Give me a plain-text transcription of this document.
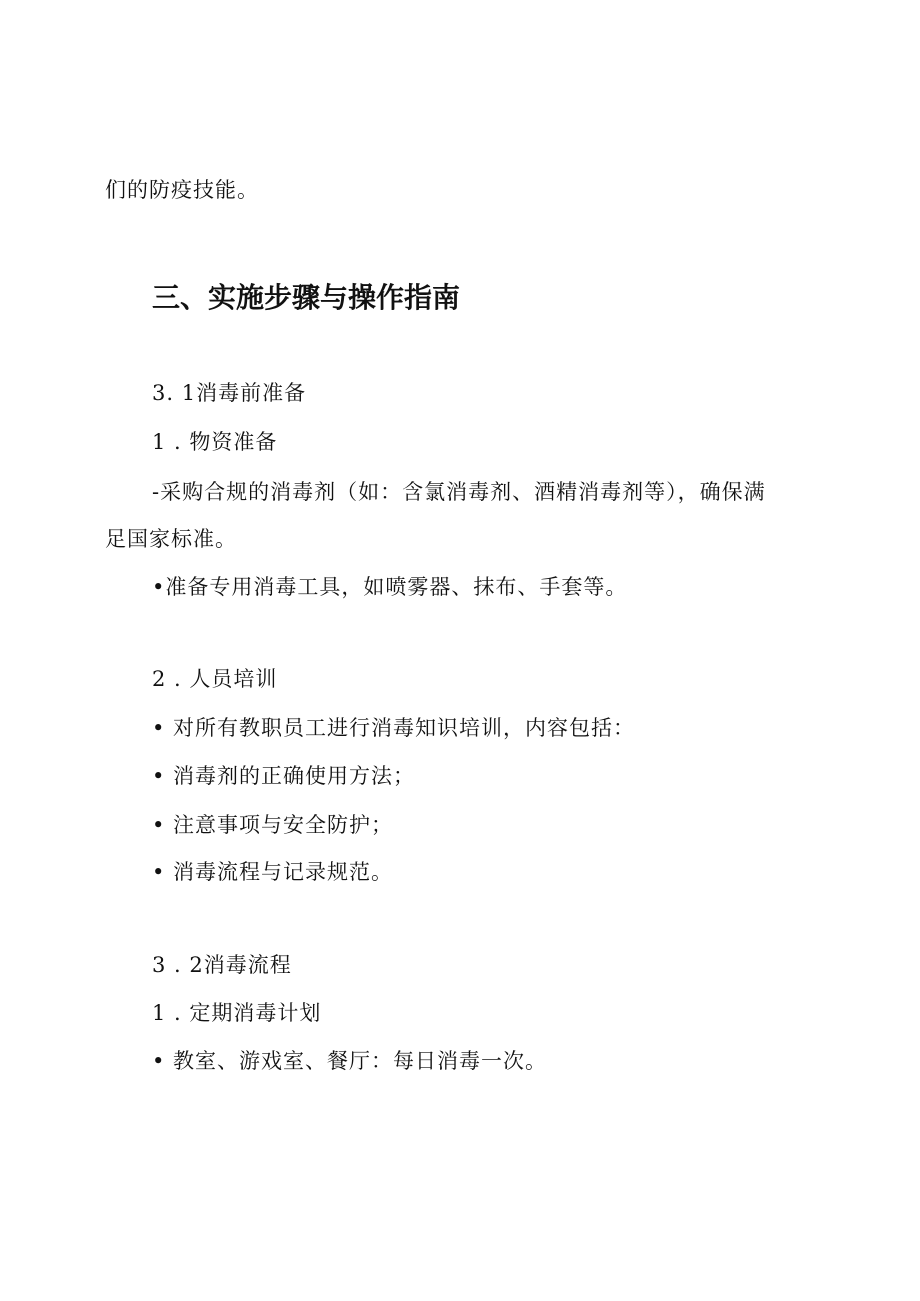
们的防疫技能。
三、实施步骤与操作指南
3. 1消毒前准备
1 . 物资准备
-采购合规的消毒剂（如：含氯消毒剂、酒精消毒剂等），确保满
足国家标准。
•准备专用消毒工具，如喷雾器、抹布、手套等。
2 . 人员培训
• 对所有教职员工进行消毒知识培训，内容包括：
• 消毒剂的正确使用方法；
• 注意事项与安全防护；
• 消毒流程与记录规范。
3 . 2消毒流程
1 . 定期消毒计划
• 教室、游戏室、餐厅：每日消毒一次。
